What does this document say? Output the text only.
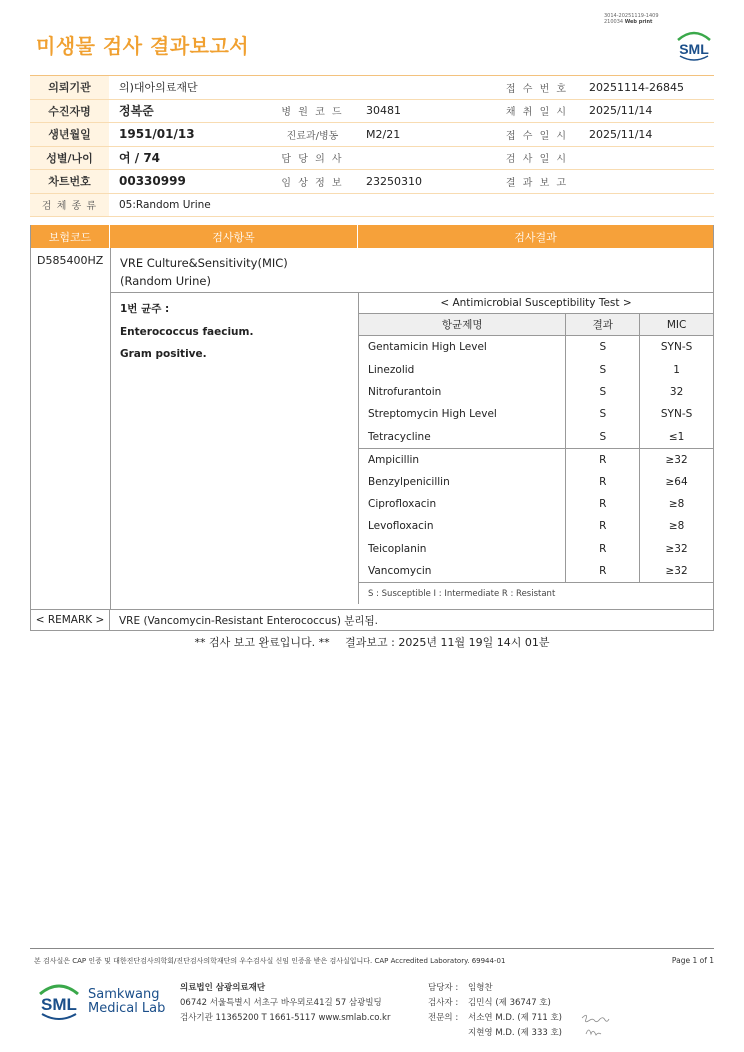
3014-20251119-1409
210034 Web print
미생물 검사 결과보고서	SML
의뢰기관	의)대아의료재단	접 수 번 호	20251114-26845
수진자명	정복준	병 원 코 드	30481	채 취 일 시	2025/11/14
생년월일	1951/01/13	진료과/병동	M2/21	접 수 일 시	2025/11/14
성별/나이	여 / 74	담 당 의 사	검 사 일 시
차트번호	00330999	임 상 정 보	23250310	결 과 보 고
검 체 종 류	05:Random Urine
보험코드	검사항목	검사결과
D585400HZ VRE Culture&Sensitivity(MIC)
(Random Urine)
1번 균주 :
Enterococcus faecium.
Gram positive.
< Antimicrobial Susceptibility Test >
항균제명	결과	MIC
Gentamicin High Level	S	SYN-S
Linezolid	S	1
Nitrofurantoin	S	32
Streptomycin High Level	S	SYN-S
Tetracycline	S	≤1
Ampicillin	R	≥32
Benzylpenicillin	R	≥64
Ciprofloxacin	R	≥8
Levofloxacin	R	≥8
Teicoplanin	R	≥32
Vancomycin	R	≥32
S : Susceptible I : Intermediate R : Resistant
< REMARK >	VRE (Vancomycin-Resistant Enterococcus) 분리됨.
** 검사 보고 완료입니다. ** 결과보고 : 2025년 11월 19일 14시 01분
본 검사실은 CAP 인증 및 대한진단검사의학회/진단검사의학재단의 우수검사실 신임 인증을 받은 검사실입니다. CAP Accredited Laboratory. 69944-01	Page 1 of 1
SML
Samkwang
Medical Lab
의료법인 삼광의료재단
06742 서울특별시 서초구 바우뫼로41길 57 삼광빌딩
검사기관 11365200 T 1661-5117 www.smlab.co.kr
담당자 :	임형찬
검사자 :	김민식 (제 36747 호)
전문의 :	서소연 M.D. (제 711 호)
지현영 M.D. (제 333 호)
